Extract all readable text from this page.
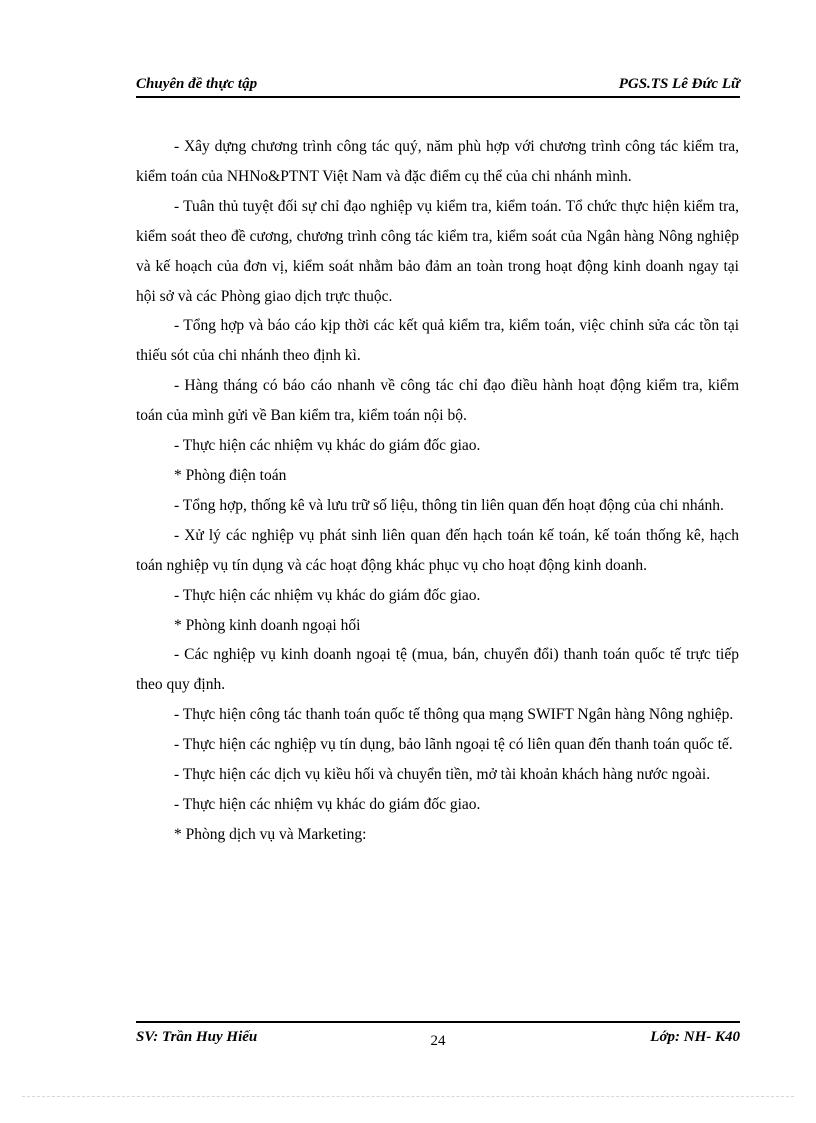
Chuyên đề thực tập	PGS.TS Lê Đức Lữ

- Xây dựng chương trình công tác quý, năm phù hợp với chương trình công tác kiểm tra, kiểm toán của NHNo&PTNT Việt Nam và đặc điểm cụ thể của chi nhánh mình.

- Tuân thủ tuyệt đối sự chỉ đạo nghiệp vụ kiểm tra, kiểm toán. Tổ chức thực hiện kiểm tra, kiểm soát theo đề cương, chương trình công tác kiểm tra, kiểm soát của Ngân hàng Nông nghiệp và kế hoạch của đơn vị, kiểm soát nhằm bảo đảm an toàn trong hoạt động kinh doanh ngay tại hội sở và các Phòng giao dịch trực thuộc.

- Tổng hợp và báo cáo kịp thời các kết quả kiểm tra, kiểm toán, việc chỉnh sửa các tồn tại thiếu sót của chi nhánh theo định kì.

- Hàng tháng có báo cáo nhanh về công tác chỉ đạo điều hành hoạt động kiểm tra, kiểm toán của mình gửi về Ban kiểm tra, kiểm toán nội bộ.

- Thực hiện các nhiệm vụ khác do giám đốc giao.

* Phòng điện toán

- Tổng hợp, thống kê và lưu trữ số liệu, thông tin liên quan đến hoạt động của chi nhánh.

- Xử lý các nghiệp vụ phát sinh liên quan đến hạch toán kế toán, kế toán thống kê, hạch toán nghiệp vụ tín dụng và các hoạt động khác phục vụ cho hoạt động kinh doanh.

- Thực hiện các nhiệm vụ khác do giám đốc giao.

* Phòng kinh doanh ngoại hối

- Các nghiệp vụ kinh doanh ngoại tệ (mua, bán, chuyển đổi) thanh toán quốc tế trực tiếp theo quy định.

- Thực hiện công tác thanh toán quốc tế thông qua mạng SWIFT Ngân hàng Nông nghiệp.

- Thực hiện các nghiệp vụ tín dụng, bảo lãnh ngoại tệ có liên quan đến thanh toán quốc tế.

- Thực hiện các dịch vụ kiều hối và chuyển tiền, mở tài khoản khách hàng nước ngoài.

- Thực hiện các nhiệm vụ khác do giám đốc giao.

* Phòng dịch vụ và Marketing:

SV: Trần Huy Hiếu	24	Lớp: NH- K40
